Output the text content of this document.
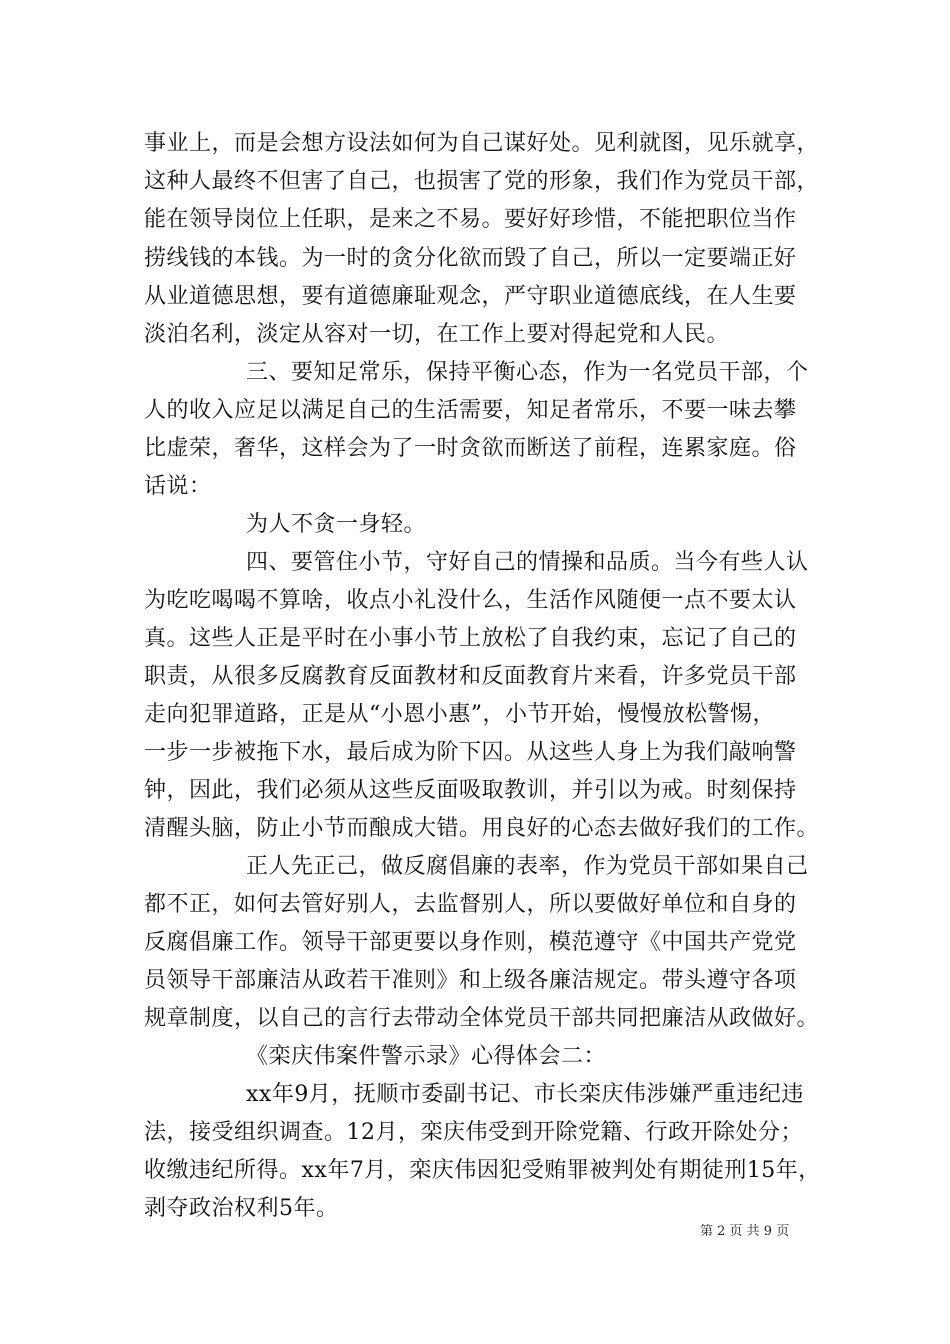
事业上，而是会想方设法如何为自己谋好处。见利就图，见乐就享，
这种人最终不但害了自己，也损害了党的形象，我们作为党员干部，
能在领导岗位上任职，是来之不易。要好好珍惜，不能把职位当作
捞线钱的本钱。为一时的贪分化欲而毁了自己，所以一定要端正好
从业道德思想，要有道德廉耻观念，严守职业道德底线，在人生要
淡泊名利，淡定从容对一切，在工作上要对得起党和人民。
三、要知足常乐，保持平衡心态，作为一名党员干部，个
人的收入应足以满足自己的生活需要，知足者常乐，不要一味去攀
比虚荣，奢华，这样会为了一时贪欲而断送了前程，连累家庭。俗
话说：
为人不贪一身轻。
四、要管住小节，守好自己的情操和品质。当今有些人认
为吃吃喝喝不算啥，收点小礼没什么，生活作风随便一点不要太认
真。这些人正是平时在小事小节上放松了自我约束，忘记了自己的
职责，从很多反腐教育反面教材和反面教育片来看，许多党员干部
走向犯罪道路，正是从“小恩小惠”，小节开始，慢慢放松警惕，
一步一步被拖下水，最后成为阶下囚。从这些人身上为我们敲响警
钟，因此，我们必须从这些反面吸取教训，并引以为戒。时刻保持
清醒头脑，防止小节而酿成大错。用良好的心态去做好我们的工作。
正人先正己，做反腐倡廉的表率，作为党员干部如果自己
都不正，如何去管好别人，去监督别人，所以要做好单位和自身的
反腐倡廉工作。领导干部更要以身作则，模范遵守《中国共产党党
员领导干部廉洁从政若干准则》和上级各廉洁规定。带头遵守各项
规章制度，以自己的言行去带动全体党员干部共同把廉洁从政做好。
《栾庆伟案件警示录》心得体会二：
xx年9月，抚顺市委副书记、市长栾庆伟涉嫌严重违纪违
法，接受组织调查。12月，栾庆伟受到开除党籍、行政开除处分；
收缴违纪所得。xx年7月，栾庆伟因犯受贿罪被判处有期徒刑15年，
剥夺政治权利5年。
第 2 页 共 9 页
